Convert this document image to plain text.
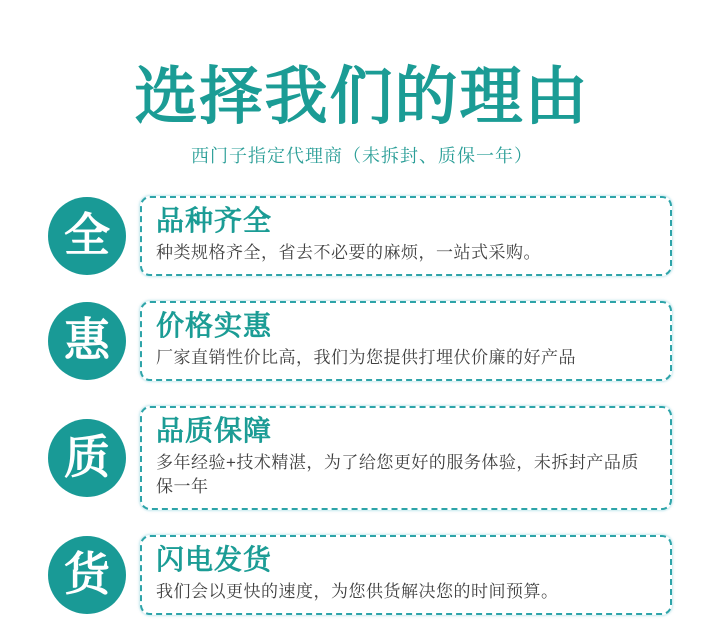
选择我们的理由
西门子指定代理商（未拆封、质保一年）
全	品种齐全
种类规格齐全，省去不必要的麻烦，一站式采购。
惠	价格实惠
厂家直销性价比高，我们为您提供打埋伏价廉的好产品
质
品质保障
多年经验+技术精湛，为了给您更好的服务体验，未拆封产品质保一年
货	闪电发货
我们会以更快的速度，为您供货解决您的时间预算。
